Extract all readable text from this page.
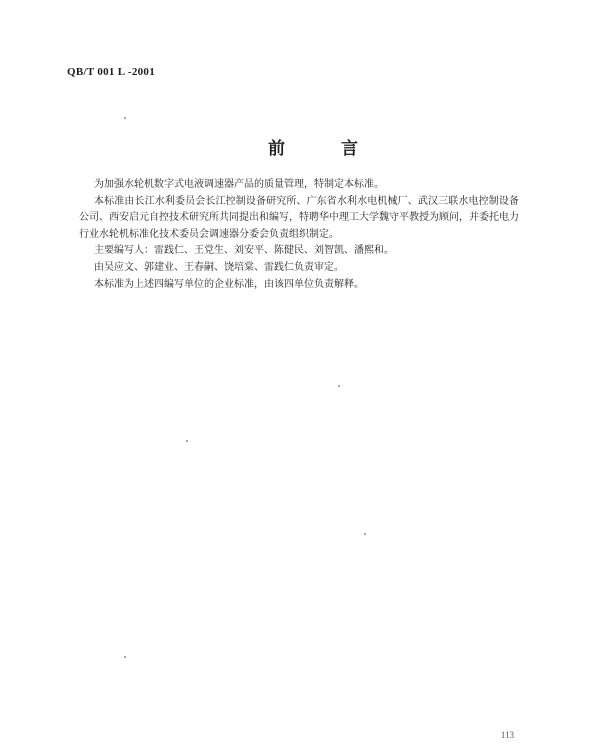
QB/T 001 L -2001
前	言

为加强水轮机数字式电液调速器产品的质量管理，特制定本标准。

本标准由长江水利委员会长江控制设备研究所、广东省水利水电机械厂、武汉三联水电控制设备公司、西安启元自控技术研究所共同提出和编写，特聘华中理工大学魏守平教授为顾问，并委托电力行业水轮机标准化技术委员会调速器分委会负责组织制定。

主要编写人：雷践仁、王党生、刘安平、陈健民、刘智凯、潘熙和。

由吴应文、郭建业、王春嗣、饶培棠、雷践仁负责审定。

本标准为上述四编写单位的企业标准，由该四单位负责解释。

113
